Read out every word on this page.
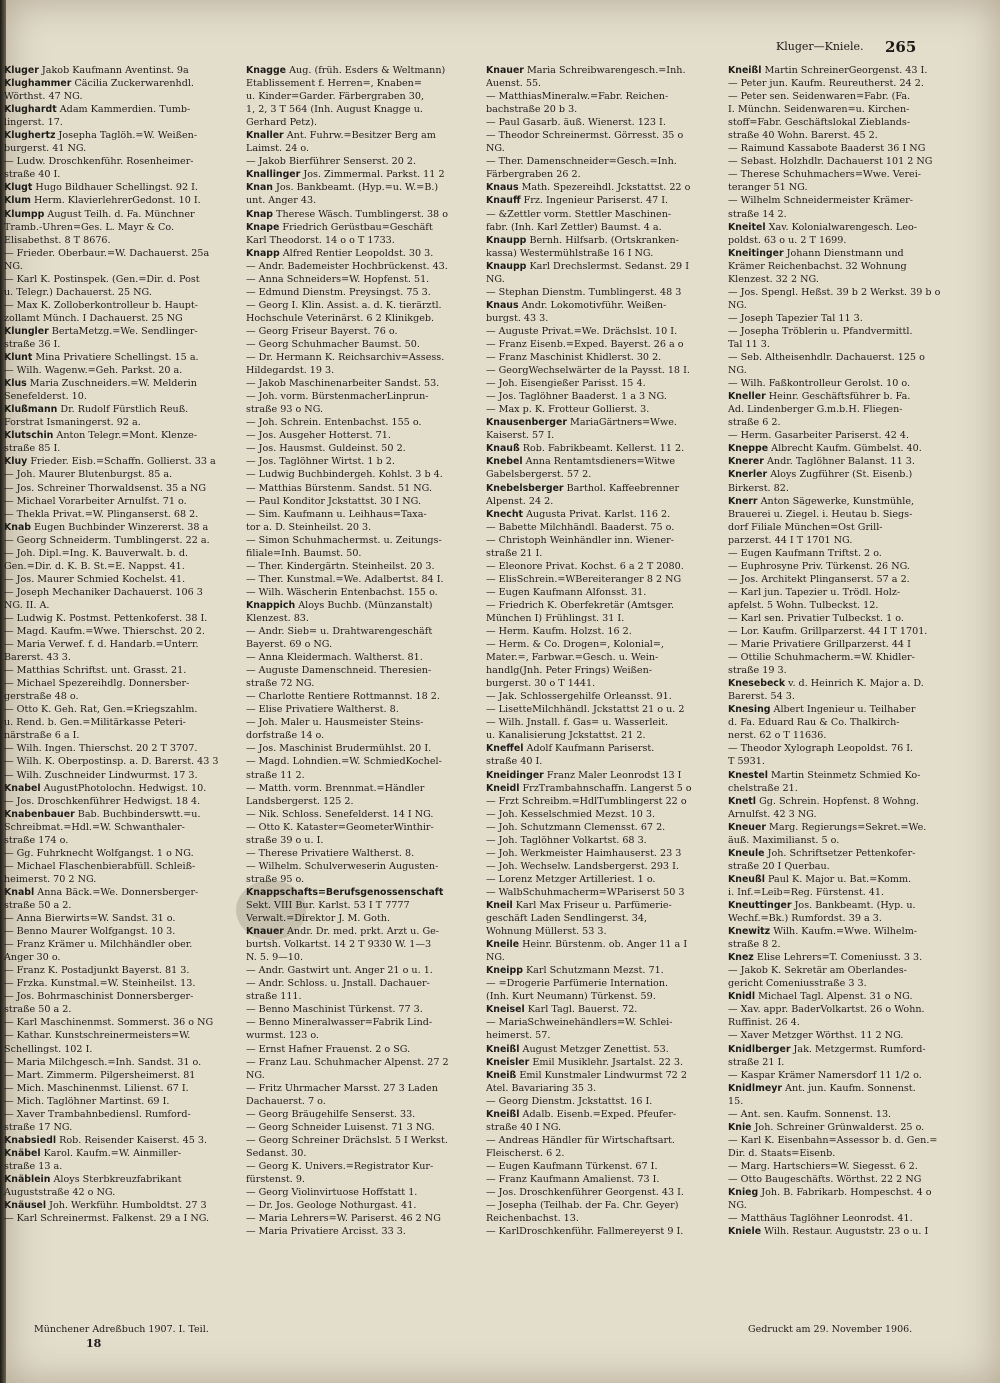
Kluger—Kniele. 265
Kluger Jakob Kaufmann Aventinst. 9a
Klughammer Cäcilia Zuckerwarenhdl.
Wörthst. 47 NG.
Klughardt Adam Kammerdien. Tumb-
lingerst. 17.
Klughertz Josepha Taglöh.=W. Weißen-
burgerst. 41 NG.
— Ludw. Droschkenführ. Rosenheimer-
straße 40 I.
Klugt Hugo Bildhauer Schellingst. 92 I.
Klum Herm. KlavierlehrerGedonst. 10 I.
Klumpp August Teilh. d. Fa. Münchner
Tramb.-Uhren=Ges. L. Mayr & Co.
Elisabethst. 8 T 8676.
— Frieder. Oberbaur.=W. Dachauerst. 25a
NG.
— Karl K. Postinspek. (Gen.=Dir. d. Post
u. Telegr.) Dachauerst. 25 NG.
— Max K. Zolloberkontrolleur b. Haupt-
zollamt Münch. I Dachauerst. 25 NG
Klungler BertaMetzg.=We. Sendlinger-
straße 36 I.
Klunt Mina Privatiere Schellingst. 15 a.
— Wilh. Wagenw.=Geh. Parkst. 20 a.
Klus Maria Zuschneiders.=W. Melderin
Senefelderst. 10.
Klußmann Dr. Rudolf Fürstlich Reuß.
Forstrat Ismaningerst. 92 a.
Klutschin Anton Telegr.=Mont. Klenze-
straße 85 I.
Kluy Frieder. Eisb.=Schaffn. Gollierst. 33 a
— Joh. Maurer Blutenburgst. 85 a.
— Jos. Schreiner Thorwaldsenst. 35 a NG
— Michael Vorarbeiter Arnulfst. 71 o.
— Thekla Privat.=W. Plinganserst. 68 2.
Knab Eugen Buchbinder Winzererst. 38 a
— Georg Schneiderm. Tumblingerst. 22 a.
— Joh. Dipl.=Ing. K. Bauverwalt. b. d.
Gen.=Dir. d. K. B. St.=E. Nappst. 41.
— Jos. Maurer Schmied Kochelst. 41.
— Joseph Mechaniker Dachauerst. 106 3
NG. II. A.
— Ludwig K. Postmst. Pettenkoferst. 38 I.
— Magd. Kaufm.=Wwe. Thierschst. 20 2.
— Maria Verwef. f. d. Handarb.=Unterr.
Barerst. 43 3.
— Matthias Schriftst. unt. Grasst. 21.
— Michael Spezereihdlg. Donnersber-
gerstraße 48 o.
— Otto K. Geh. Rat, Gen.=Kriegszahlm.
u. Rend. b. Gen.=Militärkasse Peteri-
närstraße 6 a I.
— Wilh. Ingen. Thierschst. 20 2 T 3707.
— Wilh. K. Oberpostinsp. a. D. Barerst. 43 3
— Wilh. Zuschneider Lindwurmst. 17 3.
Knabel AugustPhotolochn. Hedwigst. 10.
— Jos. Droschkenführer Hedwigst. 18 4.
Knabenbauer Bab. Buchbinderswtt.=u.
Schreibmat.=Hdl.=W. Schwanthaler-
straße 174 o.
— Gg. Fuhrknecht Wolfgangst. 1 o NG.
— Michael Flaschenbierabfüll. Schleiß-
heimerst. 70 2 NG.
Knabl Anna Bäck.=We. Donnersberger-
straße 50 a 2.
— Anna Bierwirts=W. Sandst. 31 o.
— Benno Maurer Wolfgangst. 10 3.
— Franz Krämer u. Milchhändler ober.
Anger 30 o.
— Franz K. Postadjunkt Bayerst. 81 3.
— Frzka. Kunstmal.=W. Steinheilst. 13.
— Jos. Bohrmaschinist Donnersberger-
straße 50 a 2.
— Karl Maschinenmst. Sommerst. 36 o NG
— Kathar. Kunstschreinermeisters=W.
Schellingst. 102 I.
— Maria Milchgesch.=Inh. Sandst. 31 o.
— Mart. Zimmerm. Pilgersheimerst. 81
— Mich. Maschinenmst. Lilienst. 67 I.
— Mich. Taglöhner Martinst. 69 I.
— Xaver Trambahnbediensl. Rumford-
straße 17 NG.
Knabsiedl Rob. Reisender Kaiserst. 45 3.
Knäbel Karol. Kaufm.=W. Ainmiller-
straße 13 a.
Knäblein Aloys Sterbkreuzfabrikant
Auguststraße 42 o NG.
Knäusel Joh. Werkführ. Humboldtst. 27 3
— Karl Schreinermst. Falkenst. 29 a I NG.
Knagge Aug. (früh. Esders & Weltmann)
Etablissement f. Herren=, Knaben=
u. Kinder=Garder. Färbergraben 30,
1, 2, 3 T 564 (Inh. August Knagge u.
Gerhard Petz).
Knaller Ant. Fuhrw.=Besitzer Berg am
Laimst. 24 o.
— Jakob Bierführer Senserst. 20 2.
Knallinger Jos. Zimmermal. Parkst. 11 2
Knan Jos. Bankbeamt. (Hyp.=u. W.=B.)
unt. Anger 43.
Knap Therese Wäsch. Tumblingerst. 38 o
Knape Friedrich Gerüstbau=Geschäft
Karl Theodorst. 14 o o T 1733.
Knapp Alfred Rentier Leopoldst. 30 3.
— Andr. Bademeister Hochbrückenst. 43.
— Anna Schneiders=W. Hopfenst. 51.
— Edmund Dienstm. Preysingst. 75 3.
— Georg I. Klin. Assist. a. d. K. tierärztl.
Hochschule Veterinärst. 6 2 Klinikgeb.
— Georg Friseur Bayerst. 76 o.
— Georg Schuhmacher Baumst. 50.
— Dr. Hermann K. Reichsarchiv=Assess.
Hildegardst. 19 3.
— Jakob Maschinenarbeiter Sandst. 53.
— Joh. vorm. BürstenmacherLinprun-
straße 93 o NG.
— Joh. Schrein. Entenbachst. 155 o.
— Jos. Ausgeher Hotterst. 71.
— Jos. Hausmst. Guldeinst. 50 2.
— Jos. Taglöhner Wirtst. 1 b 2.
— Ludwig Buchbindergeh. Kohlst. 3 b 4.
— Matthias Bürstenm. Sandst. 51 NG.
— Paul Konditor Jckstattst. 30 I NG.
— Sim. Kaufmann u. Leihhaus=Taxa-
tor a. D. Steinheilst. 20 3.
— Simon Schuhmachermst. u. Zeitungs-
filiale=Inh. Baumst. 50.
— Ther. Kindergärtn. Steinheilst. 20 3.
— Ther. Kunstmal.=We. Adalbertst. 84 I.
— Wilh. Wäscherin Entenbachst. 155 o.
Knappich Aloys Buchb. (Münzanstalt)
Klenzest. 83.
— Andr. Sieb= u. Drahtwarengeschäft
Bayerst. 69 o NG.
— Anna Kleidermach. Waltherst. 81.
— Auguste Damenschneid. Theresien-
straße 72 NG.
— Charlotte Rentiere Rottmannst. 18 2.
— Elise Privatiere Waltherst. 8.
— Joh. Maler u. Hausmeister Steins-
dorfstraße 14 o.
— Jos. Maschinist Brudermühlst. 20 I.
— Magd. Lohndien.=W. SchmiedKochel-
straße 11 2.
— Matth. vorm. Brennmat.=Händler
Landsbergerst. 125 2.
— Nik. Schloss. Senefelderst. 14 I NG.
— Otto K. Kataster=GeometerWinthir-
straße 39 o u. I.
— Therese Privatiere Waltherst. 8.
— Wilhelm. Schulverweserin Augusten-
straße 95 o.
Knappschafts=Berufsgenossenschaft
Sekt. VIII Bur. Karlst. 53 I T 7777
Verwalt.=Direktor J. M. Goth.
Knauer Andr. Dr. med. prkt. Arzt u. Ge-
burtsh. Volkartst. 14 2 T 9330 W. 1—3
N. 5. 9—10.
— Andr. Gastwirt unt. Anger 21 o u. 1.
— Andr. Schloss. u. Jnstall. Dachauer-
straße 111.
— Benno Maschinist Türkenst. 77 3.
— Benno Mineralwasser=Fabrik Lind-
wurmst. 123 o.
— Ernst Hafner Frauenst. 2 o SG.
— Franz Lau. Schuhmacher Alpenst. 27 2
NG.
— Fritz Uhrmacher Marsst. 27 3 Laden
Dachauerst. 7 o.
— Georg Bräugehilfe Senserst. 33.
— Georg Schneider Luisenst. 71 3 NG.
— Georg Schreiner Drächslst. 5 I Werkst.
Sedanst. 30.
— Georg K. Univers.=Registrator Kur-
fürstenst. 9.
— Georg Violinvirtuose Hoffstatt 1.
— Dr. Jos. Geologe Nothurgast. 41.
— Maria Lehrers=W. Pariserst. 46 2 NG
— Maria Privatiere Arcisst. 33 3.
Knauer Maria Schreibwarengesch.=Inh.
Auenst. 55.
— MatthiasMineralw.=Fabr. Reichen-
bachstraße 20 b 3.
— Paul Gasarb. äuß. Wienerst. 123 I.
— Theodor Schreinermst. Görresst. 35 o
NG.
— Ther. Damenschneider=Gesch.=Inh.
Färbergraben 26 2.
Knaus Math. Spezereihdl. Jckstattst. 22 o
Knauff Frz. Ingenieur Pariserst. 47 I.
— &Zettler vorm. Stettler Maschinen-
fabr. (Inh. Karl Zettler) Baumst. 4 a.
Knaupp Bernh. Hilfsarb. (Ortskranken-
kassa) Westermühlstraße 16 I NG.
Knaupp Karl Drechslermst. Sedanst. 29 I
NG.
— Stephan Dienstm. Tumblingerst. 48 3
Knaus Andr. Lokomotivführ. Weißen-
burgst. 43 3.
— Auguste Privat.=We. Drächslst. 10 I.
— Franz Eisenb.=Exped. Bayerst. 26 a o
— Franz Maschinist Khidlerst. 30 2.
— GeorgWechselwärter de la Paysst. 18 I.
— Joh. Eisengießer Parisst. 15 4.
— Jos. Taglöhner Baaderst. 1 a 3 NG.
— Max p. K. Frotteur Gollierst. 3.
Knausenberger MariaGärtners=Wwe.
Kaiserst. 57 I.
Knauß Rob. Fabrikbeamt. Kellerst. 11 2.
Knebel Anna Rentamtsdieners=Witwe
Gabelsbergerst. 57 2.
Knebelsberger Barthol. Kaffeebrenner
Alpenst. 24 2.
Knecht Augusta Privat. Karlst. 116 2.
— Babette Milchhändl. Baaderst. 75 o.
— Christoph Weinhändler inn. Wiener-
straße 21 I.
— Eleonore Privat. Kochst. 6 a 2 T 2080.
— ElisSchrein.=WBereiteranger 8 2 NG
— Eugen Kaufmann Alfonsst. 31.
— Friedrich K. Oberfekretär (Amtsger.
München I) Frühlingst. 31 I.
— Herm. Kaufm. Holzst. 16 2.
— Herm. & Co. Drogen=, Kolonial=,
Mater.=, Farbwar.=Gesch. u. Wein-
handlg(Jnh. Peter Frings) Weißen-
burgerst. 30 o T 1441.
— Jak. Schlossergehilfe Orleansst. 91.
— LisetteMilchhändl. Jckstattst 21 o u. 2
— Wilh. Jnstall. f. Gas= u. Wasserleit.
u. Kanalisierung Jckstattst. 21 2.
Kneffel Adolf Kaufmann Pariserst.
straße 40 I.
Kneidinger Franz Maler Leonrodst 13 I
Kneidl FrzTrambahnschaffn. Langerst 5 o
— Frzt Schreibm.=HdlTumblingerst 22 o
— Joh. Kesselschmied Mezst. 10 3.
— Joh. Schutzmann Clemensst. 67 2.
— Joh. Taglöhner Volkartst. 68 3.
— Joh. Werkmeister Haimhauserst. 23 3
— Joh. Wechselw. Landsbergerst. 293 I.
— Lorenz Metzger Artilleriest. 1 o.
— WalbSchuhmacherm=WPariserst 50 3
Kneil Karl Max Friseur u. Parfümerie-
geschäft Laden Sendlingerst. 34,
Wohnung Müllerst. 53 3.
Kneile Heinr. Bürstenm. ob. Anger 11 a I
NG.
Kneipp Karl Schutzmann Mezst. 71.
— =Drogerie Parfümerie Internation.
(Inh. Kurt Neumann) Türkenst. 59.
Kneisel Karl Tagl. Bauerst. 72.
— MariaSchweinehändlers=W. Schlei-
heimerst. 57.
Kneißl August Metzger Zenettist. 53.
Kneisler Emil Musiklehr. Jsartalst. 22 3.
Kneiß Emil Kunstmaler Lindwurmst 72 2
Atel. Bavariaring 35 3.
— Georg Dienstm. Jckstattst. 16 I.
Kneißl Adalb. Eisenb.=Exped. Pfeufer-
straße 40 I NG.
— Andreas Händler für Wirtschaftsart.
Fleischerst. 6 2.
— Eugen Kaufmann Türkenst. 67 I.
— Franz Kaufmann Amalienst. 73 I.
— Jos. Droschkenführer Georgenst. 43 I.
— Josepha (Teilhab. der Fa. Chr. Geyer)
Reichenbachst. 13.
— KarlDroschkenführ. Fallmereyerst 9 I.
Kneißl Martin SchreinerGeorgenst. 43 I.
— Peter jun. Kaufm. Reureutherst. 24 2.
— Peter sen. Seidenwaren=Fabr. (Fa.
I. Münchn. Seidenwaren=u. Kirchen-
stoff=Fabr. Geschäftslokal Zieblands-
straße 40 Wohn. Barerst. 45 2.
— Raimund Kassabote Baaderst 36 I NG
— Sebast. Holzhdlr. Dachauerst 101 2 NG
— Therese Schuhmachers=Wwe. Verei-
teranger 51 NG.
— Wilhelm Schneidermeister Krämer-
straße 14 2.
Kneitel Xav. Kolonialwarengesch. Leo-
poldst. 63 o u. 2 T 1699.
Kneitinger Johann Dienstmann und
Krämer Reichenbachst. 32 Wohnung
Klenzest. 32 2 NG.
— Jos. Spengl. Heßst. 39 b 2 Werkst. 39 b o
NG.
— Joseph Tapezier Tal 11 3.
— Josepha Tröblerin u. Pfandvermittl.
Tal 11 3.
— Seb. Altheisenhdlr. Dachauerst. 125 o
NG.
— Wilh. Faßkontrolleur Gerolst. 10 o.
Kneller Heinr. Geschäftsführer b. Fa.
Ad. Lindenberger G.m.b.H. Fliegen-
straße 6 2.
— Herm. Gasarbeiter Pariserst. 42 4.
Kneppe Albrecht Kaufm. Gümbelst. 40.
Knerer Andr. Taglöhner Balanst. 11 3.
Knerler Aloys Zugführer (St. Eisenb.)
Birkerst. 82.
Knerr Anton Sägewerke, Kunstmühle,
Brauerei u. Ziegel. i. Heutau b. Siegs-
dorf Filiale München=Ost Grill-
parzerst. 44 I T 1701 NG.
— Eugen Kaufmann Triftst. 2 o.
— Euphrosyne Priv. Türkenst. 26 NG.
— Jos. Architekt Plinganserst. 57 a 2.
— Karl jun. Tapezier u. Trödl. Holz-
apfelst. 5 Wohn. Tulbeckst. 12.
— Karl sen. Privatier Tulbeckst. 1 o.
— Lor. Kaufm. Grillparzerst. 44 I T 1701.
— Marie Privatiere Grillparzerst. 44 I
— Ottilie Schuhmacherm.=W. Khidler-
straße 19 3.
Knesebeck v. d. Heinrich K. Major a. D.
Barerst. 54 3.
Knesing Albert Ingenieur u. Teilhaber
d. Fa. Eduard Rau & Co. Thalkirch-
nerst. 62 o T 11636.
— Theodor Xylograph Leopoldst. 76 I.
T 5931.
Knestel Martin Steinmetz Schmied Ko-
chelstraße 21.
Knetl Gg. Schrein. Hopfenst. 8 Wohng.
Arnulfst. 42 3 NG.
Kneuer Marg. Regierungs=Sekret.=We.
äuß. Maximilianst. 5 o.
Kneule Joh. Schriftsetzer Pettenkofer-
straße 20 I Querbau.
Kneußl Paul K. Major u. Bat.=Komm.
i. Inf.=Leib=Reg. Fürstenst. 41.
Kneuttinger Jos. Bankbeamt. (Hyp. u.
Wechf.=Bk.) Rumfordst. 39 a 3.
Knewitz Wilh. Kaufm.=Wwe. Wilhelm-
straße 8 2.
Knez Elise Lehrers=T. Comeniusst. 3 3.
— Jakob K. Sekretär am Oberlandes-
gericht Comeniusstraße 3 3.
Knidl Michael Tagl. Alpenst. 31 o NG.
— Xav. appr. BaderVolkartst. 26 o Wohn.
Ruffinist. 26 4.
— Xaver Metzger Wörthst. 11 2 NG.
Knidlberger Jak. Metzgermst. Rumford-
straße 21 I.
— Kaspar Krämer Namersdorf 11 1/2 o.
Knidlmeyr Ant. jun. Kaufm. Sonnenst.
15.
— Ant. sen. Kaufm. Sonnenst. 13.
Knie Joh. Schreiner Grünwalderst. 25 o.
— Karl K. Eisenbahn=Assessor b. d. Gen.=
Dir. d. Staats=Eisenb.
— Marg. Hartschiers=W. Siegesst. 6 2.
— Otto Baugeschäfts. Wörthst. 22 2 NG
Knieg Joh. B. Fabrikarb. Hompeschst. 4 o
NG.
— Matthäus Taglöhner Leonrodst. 41.
Kniele Wilh. Restaur. Auguststr. 23 o u. I
Münchener Adreßbuch 1907. I. Teil.
18
Gedruckt am 29. November 1906.
